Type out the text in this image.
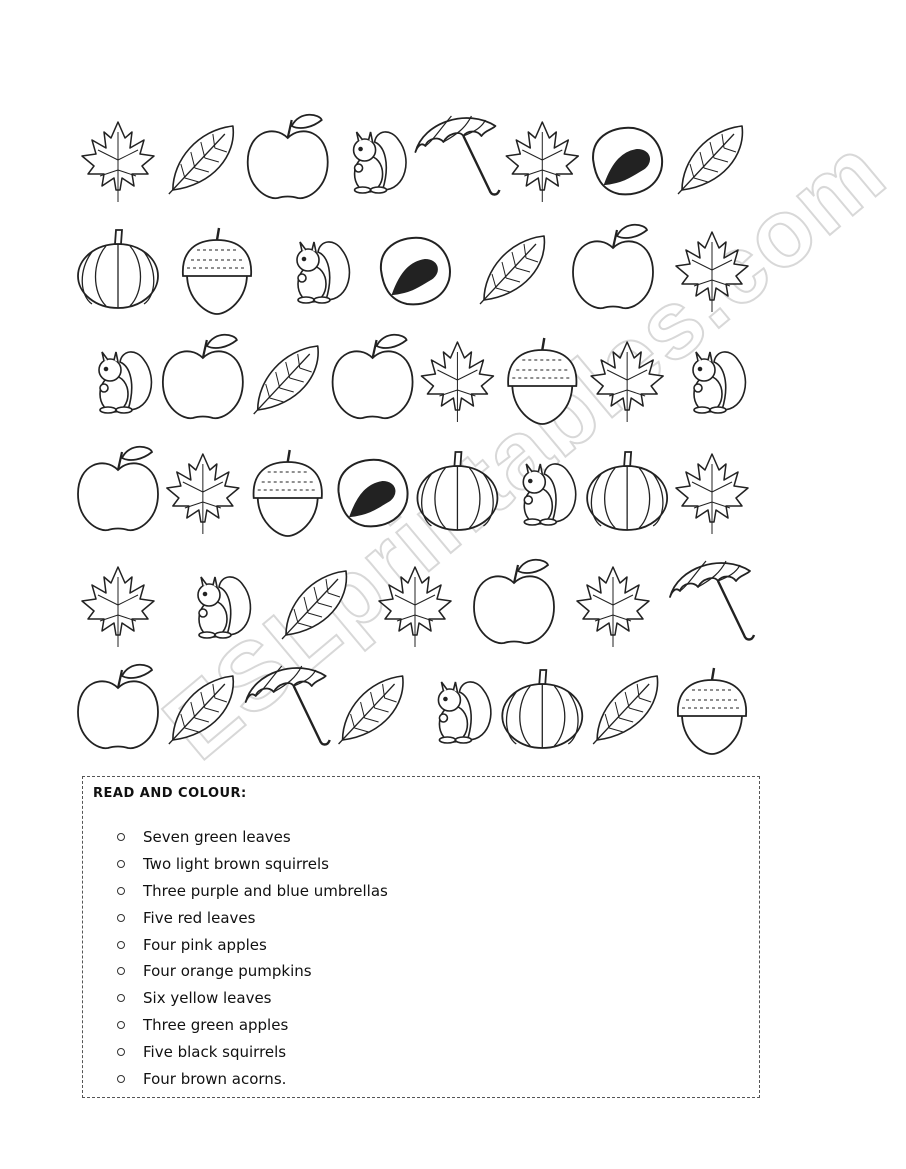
ESLprintables.com
READ AND COLOUR:
Seven green leaves
Two light brown squirrels
Three purple and blue umbrellas
Five red leaves
Four pink apples
Four orange pumpkins
Six yellow leaves
Three green apples
Five black squirrels
Four brown acorns.
